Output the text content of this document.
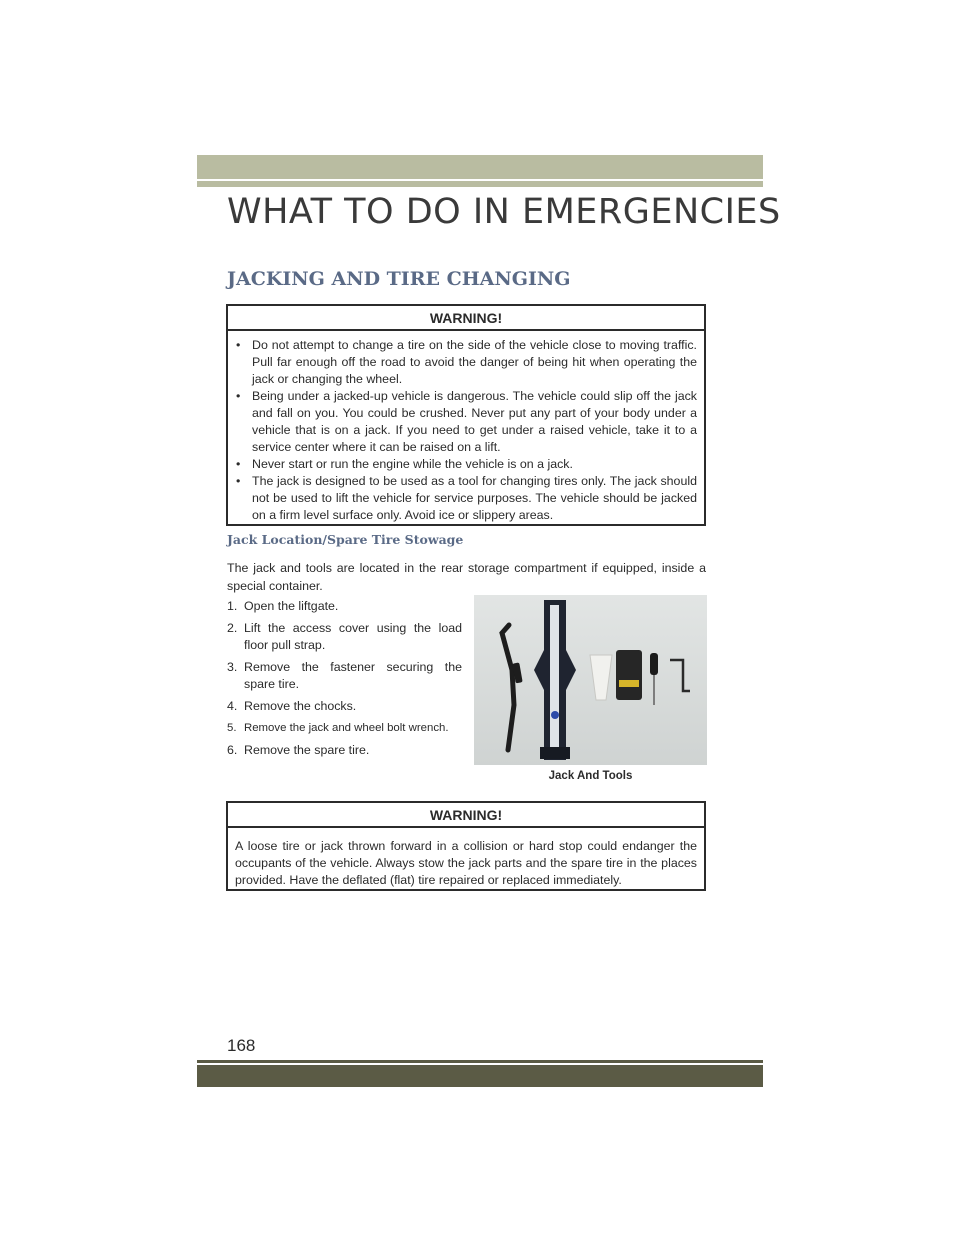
WHAT TO DO IN EMERGENCIES
JACKING AND TIRE CHANGING
WARNING!
• Do not attempt to change a tire on the side of the vehicle close to moving traffic. Pull far enough off the road to avoid the danger of being hit when operating the jack or changing the wheel.
• Being under a jacked-up vehicle is dangerous. The vehicle could slip off the jack and fall on you. You could be crushed. Never put any part of your body under a vehicle that is on a jack. If you need to get under a raised vehicle, take it to a service center where it can be raised on a lift.
• Never start or run the engine while the vehicle is on a jack.
• The jack is designed to be used as a tool for changing tires only. The jack should not be used to lift the vehicle for service purposes. The vehicle should be jacked on a firm level surface only. Avoid ice or slippery areas.
Jack Location/Spare Tire Stowage

The jack and tools are located in the rear storage compartment if equipped, inside a special container.

1. Open the liftgate.
2. Lift the access cover using the load floor pull strap.
3. Remove the fastener securing the spare tire.
4. Remove the chocks.
5. Remove the jack and wheel bolt wrench.
6. Remove the spare tire.
Jack And Tools
WARNING!

A loose tire or jack thrown forward in a collision or hard stop could endanger the occupants of the vehicle. Always stow the jack parts and the spare tire in the places provided. Have the deflated (flat) tire repaired or replaced immediately.

168
